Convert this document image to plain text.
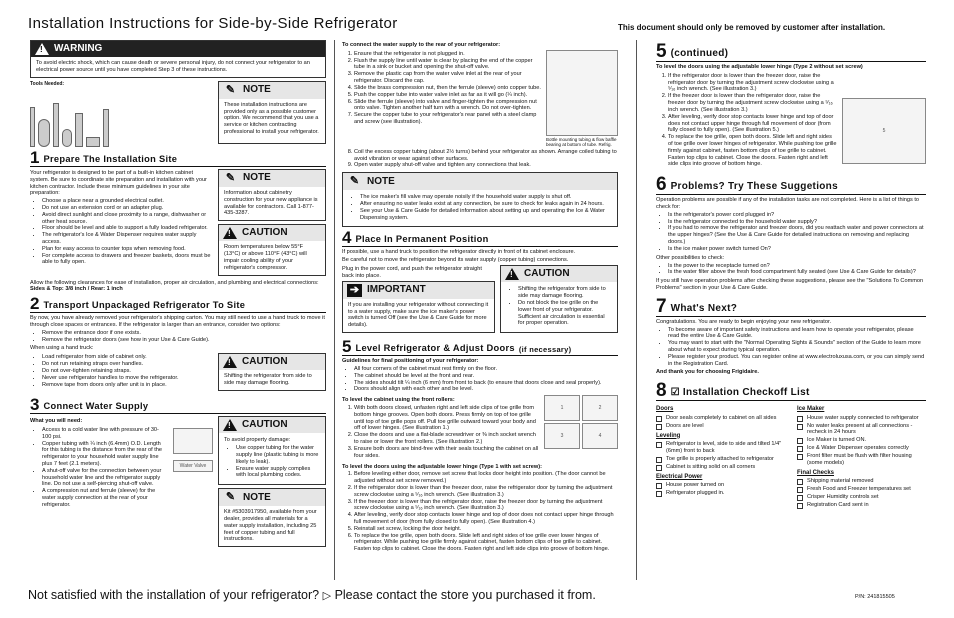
Installation Instructions for Side-by-Side Refrigerator	This document should only be removed by customer after installation.
! WARNING
To avoid electric shock, which can cause death or severe personal injury, do not connect your refrigerator to an electrical power source until you have completed Step 3 of these instructions.
Tools Needed:	✎ NOTE
These installation instructions are provided only as a possible customer option. We recommend that you use a service or kitchen contracting professional to install your refrigerator.
1 Prepare The Installation Site

Your refrigerator is designed to be part of a built-in kitchen cabinet system. Be sure to coordinate site preparation and installation with your kitchen contractor. Include these minimum guidelines in your site preparation:

• Choose a place near a grounded electrical outlet.
• Do not use an extension cord or an adapter plug.
• Avoid direct sunlight and close proximity to a range, dishwasher or other heat source.
• Floor should be level and able to support a fully loaded refrigerator.
• The refrigerator's Ice & Water Dispenser requires water supply access.
• Plan for easy access to counter tops when removing food.
• For complete access to drawers and freezer baskets, doors must be able to fully open.
✎ NOTE
Information about cabinetry construction for your new appliance is available for contractors. Call 1-877-435-3287.
! CAUTION
Room temperatures below 55°F (13°C) or above 110°F (43°C) will impair cooling ability of your refrigerator's compressor.

Allow the following clearances for ease of installation, proper air circulation, and plumbing and electrical connections: Sides & Top: 3/8 inch / Rear: 1 inch

2 Transport Unpackaged Refrigerator To Site

By now, you have already removed your refrigerator's shipping carton. You may still need to use a hand truck to move it through close spaces or entrances. If the refrigerator is larger than an entrance, consider two options:

• Remove the entrance door if one exists.
• Remove the refrigerator doors (see how in your Use & Care Guide).

When using a hand truck:

• Load refrigerator from side of cabinet only.
• Do not run retaining straps over handles.
• Do not over-tighten retaining straps.
• Never use refrigerator handles to move the refrigerator.
• Remove tape from doors only after unit is in place.
! CAUTION
Shifting the refrigerator from side to side may damage flooring.
3 Connect Water Supply

What you will need:

• Access to a cold water line with pressure of 30-100 psi.
• Copper tubing with ¼ inch (6.4mm) O.D. Length for this tubing is the distance from the rear of the refrigerator to your household water supply line plus 7 feet (2.1 meters).
• A shut-off valve for the connection between your household water line and the refrigerator supply line. Do not use a self-piercing shut-off valve.
• A compression nut and ferrule (sleeve) for the water supply connection at the rear of your refrigerator.
Water Valve
! CAUTION

To avoid property damage:

• Use copper tubing for the water supply line (plastic tubing is more likely to leak).
• Ensure water supply complies with local plumbing codes.
✎ NOTE
Kit #5303917950, available from your dealer, provides all materials for a water supply installation, including 25 feet of copper tubing and full instructions.

To connect the water supply to the rear of your refrigerator:

1. Ensure that the refrigerator is not plugged in.
2. Flush the supply line until water is clear by placing the end of the copper tube in a sink or bucket and opening the shut-off valve.
3. Remove the plastic cap from the water valve inlet at the rear of your refrigerator. Discard the cap.
4. Slide the brass compression nut, then the ferrule (sleeve) onto copper tube.
5. Push the copper tube into water valve inlet as far as it will go (¼ inch).
6. Slide the ferrule (sleeve) into valve and finger-tighten the compression nut onto valve. Tighten another half turn with a wrench. Do not over-tighten.
7. Secure the copper tube to your refrigerator's rear panel with a steel clamp and screw (see illustration).
Bottle mounting tubing & flow baffle bearing at bottom of tube. Refrig.
8. Coil the excess copper tubing (about 2½ turns) behind your refrigerator as shown. Arrange coiled tubing to avoid vibration or wear against other surfaces.
9. Open water supply shut-off valve and tighten any connections that leak.
✎ NOTE
• The ice maker's fill valve may operate noisily if the household water supply is shut off.
• After ensuring no water leaks exist at any connection, be sure to check for leaks again in 24 hours.
• See your Use & Care Guide for detailed information about setting up and operating the Ice & Water Dispensing system.
4 Place In Permanent Position

If possible, use a hand truck to position the refrigerator directly in front of its cabinet enclosure.

Be careful not to move the refrigerator beyond its water supply (copper tubing) connections.

Plug in the power cord, and push the refrigerator straight back into place.

➔ IMPORTANT
If you are installing your refrigerator without connecting it to a water supply, make sure the ice maker's power switch is turned Off (see the Use & Care Guide for more details).
! CAUTION
• Shifting the refrigerator from side to side may damage flooring.
• Do not block the toe grille on the lower front of your refrigerator. Sufficient air circulation is essential for proper operation.
5 Level Refrigerator & Adjust Doors (if necessary)

Guidelines for final positioning of your refrigerator:

• All four corners of the cabinet must rest firmly on the floor.
• The cabinet should be level at the front and rear.
• The sides should tilt ¼ inch (6 mm) from front to back (to ensure that doors close and seal properly).
• Doors should align with each other and be level.

To level the cabinet using the front rollers:

1. With both doors closed, unfasten right and left side clips of toe grille from bottom hinge grooves. Open both doors. Press firmly on top of toe grille until top of toe grille pops off. Pull toe grille outward toward your body and off of lower hinges. (See illustration 1.)
2. Close the doors and use a flat-blade screwdriver or ⅜ inch socket wrench to raise or lower the front rollers. (See illustration 2.)
3. Ensure both doors are bind-free with their seals touching the cabinet on all four sides.
1	2
3	4

To level the doors using the adjustable lower hinge (Type 1 with set screw):

1. Before leveling either door, remove set screw that locks door height into position. (The door cannot be adjusted without set screw removed.)
2. If the refrigerator door is lower than the freezer door, raise the refrigerator door by turning the adjustment screw clockwise using a ⁵⁄₁₆ inch wrench. (See illustration 3.)
3. If the freezer door is lower than the refrigerator door, raise the freezer door by turning the adjustment screw clockwise using a ⁵⁄₁₆ inch wrench. (See illustration 3.)
4. After leveling, verify door stop contacts lower hinge and top of door does not contact upper hinge through full movement of door (from fully closed to fully open). (See illustration 4.)
5. Reinstall set screw, locking the door height.
6. To replace the toe grille, open both doors. Slide left and right sides of toe grille over lower hinges of refrigerator. While pushing toe grille firmly against cabinet, fasten bottom clips of toe grille to cabinet. Fasten top clips to cabinet. Close the doors. Fasten right and left side clips into groove of bottom hinge.
5 (continued)

To level the doors using the adjustable lower hinge (Type 2 without set screw)

1. If the refrigerator door is lower than the freezer door, raise the refrigerator door by turning the adjustment screw clockwise using a ⁵⁄₁₆ inch wrench. (See illustration 3.)
2. If the freezer door is lower than the refrigerator door, raise the freezer door by turning the adjustment screw clockwise using a ⁵⁄₁₆ inch wrench. (See illustration 3.)
3. After leveling, verify door stop contacts lower hinge and top of door does not contact upper hinge through full movement of door (from fully closed to fully open). (See illustration 5.)
4. To replace the toe grille, open both doors. Slide left and right sides of toe grille over lower hinges of refrigerator. While pushing toe grille firmly against cabinet, fasten bottom clips of toe grille to cabinet. Fasten top clips to cabinet. Close the doors. Fasten right and left side clips into groove of bottom hinge.
5
6 Problems? Try These Suggetions

Operation problems are possible if any of the installation tasks are not completed. Here is a list of things to check for:

• Is the refrigerator's power cord plugged in?
• Is the refrigerator connected to the household water supply?
• If you had to remove the refrigerator and freezer doors, did you reattach water and power connectors at the upper hinges? (See the Use & Care Guide for detailed instructions on removing and replacing doors.)
• Is the ice maker power switch turned On?

Other possibilities to check:

• Is the power to the receptacle turned on?
• Is the water filter above the fresh food compartment fully seated (see Use & Care Guide for details)?

If you still have operation problems after checking these suggestions, please see the "Solutions To Common Problems" section in your Use & Care Guide.

7 What's Next?

Congratulations. You are ready to begin enjoying your new refrigerator.

• To become aware of important safety instructions and learn how to operate your refrigerator, please read the entire Use & Care Guide.
• You may want to start with the "Normal Operating Sights & Sounds" section of the Guide to learn more about what to expect during typical operation.
• Please register your product. You can register online at www.electroluxusa.com, or you can simply send in the Registration Card.

And thank you for choosing Frigidaire.

8 ☑ Installation Checkoff List
Doors
Door seals completely to cabinet on all sides
Doors are level
Leveling
Refrigerator is level, side to side and tilted 1/4" (6mm) front to back
Toe grille is properly attached to refrigerator
Cabinet is sitting solid on all corners
Electrical Power
House power turned on
Refrigerator plugged in.
Ice Maker
House water supply connected to refrigerator
No water leaks present at all connections - recheck in 24 hours
Ice Maker is turned ON.
Ice & Water Dispenser operates correctly
Front filter must be flush with filter housing (some models)
Final Checks
Shipping material removed
Fresh Food and Freezer temperatures set
Crisper Humidity controls set
Registration Card sent in
Not satisfied with the installation of your refrigerator? ▷ Please contact the store you purchased it from.	P/N: 241815505
